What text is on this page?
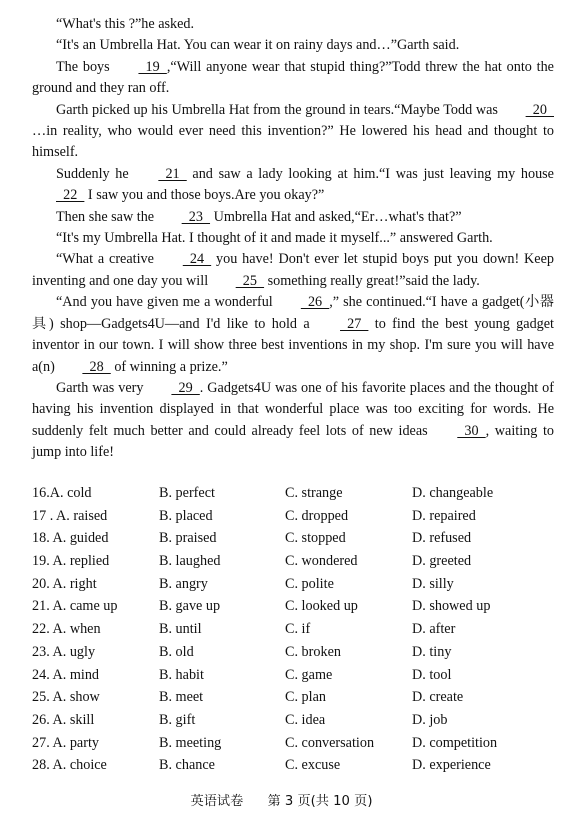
“What's this ?”he asked.

“It's an Umbrella Hat. You can wear it on rainy days and…”Garth said.

The boys   19  ,“Will anyone wear that stupid thing?”Todd threw the hat onto the ground and they ran off.

Garth picked up his Umbrella Hat from the ground in tears.“Maybe Todd was   20   …in reality, who would ever need this invention?” He lowered his head and thought to himself.

Suddenly he   21   and saw a lady looking at him.“I was just leaving my house   22   I saw you and those boys.Are you okay?”

Then she saw the   23   Umbrella Hat and asked,“Er…what's that?”

“It's my Umbrella Hat. I thought of it and made it myself...” answered Garth.

“What a creative   24   you have! Don't ever let stupid boys put you down! Keep inventing and one day you will   25   something really great!”said the lady.

“And you have given me a wonderful   26  ,” she continued.“I have a gadget(小器具) shop—Gadgets4U—and I'd like to hold a   27   to find the best young gadget inventor in our town. I will show three best inventions in my shop. I'm sure you will have a(n)   28   of winning a prize.”

Garth was very   29  . Gadgets4U was one of his favorite places and the thought of having his invention displayed in that wonderful place was too exciting for words. He suddenly felt much better and could already feel lots of new ideas   30  , waiting to jump into life!

16.A. cold	B. perfect	C. strange	D. changeable
17 . A. raised	B. placed	C. dropped	D. repaired
18. A. guided	B. praised	C. stopped	D. refused
19. A. replied	B. laughed	C. wondered	D. greeted
20. A. right	B. angry	C. polite	D. silly
21. A. came up	B. gave up	C. looked up	D. showed up
22. A. when	B. until	C. if	D. after
23. A. ugly	B. old	C. broken	D. tiny
24. A. mind	B. habit	C. game	D. tool
25. A. show	B. meet	C. plan	D. create
26. A. skill	B. gift	C. idea	D. job
27. A. party	B. meeting	C. conversation	D. competition
28. A. choice	B. chance	C. excuse	D. experience
英语试卷 第 3 页(共 10 页)
